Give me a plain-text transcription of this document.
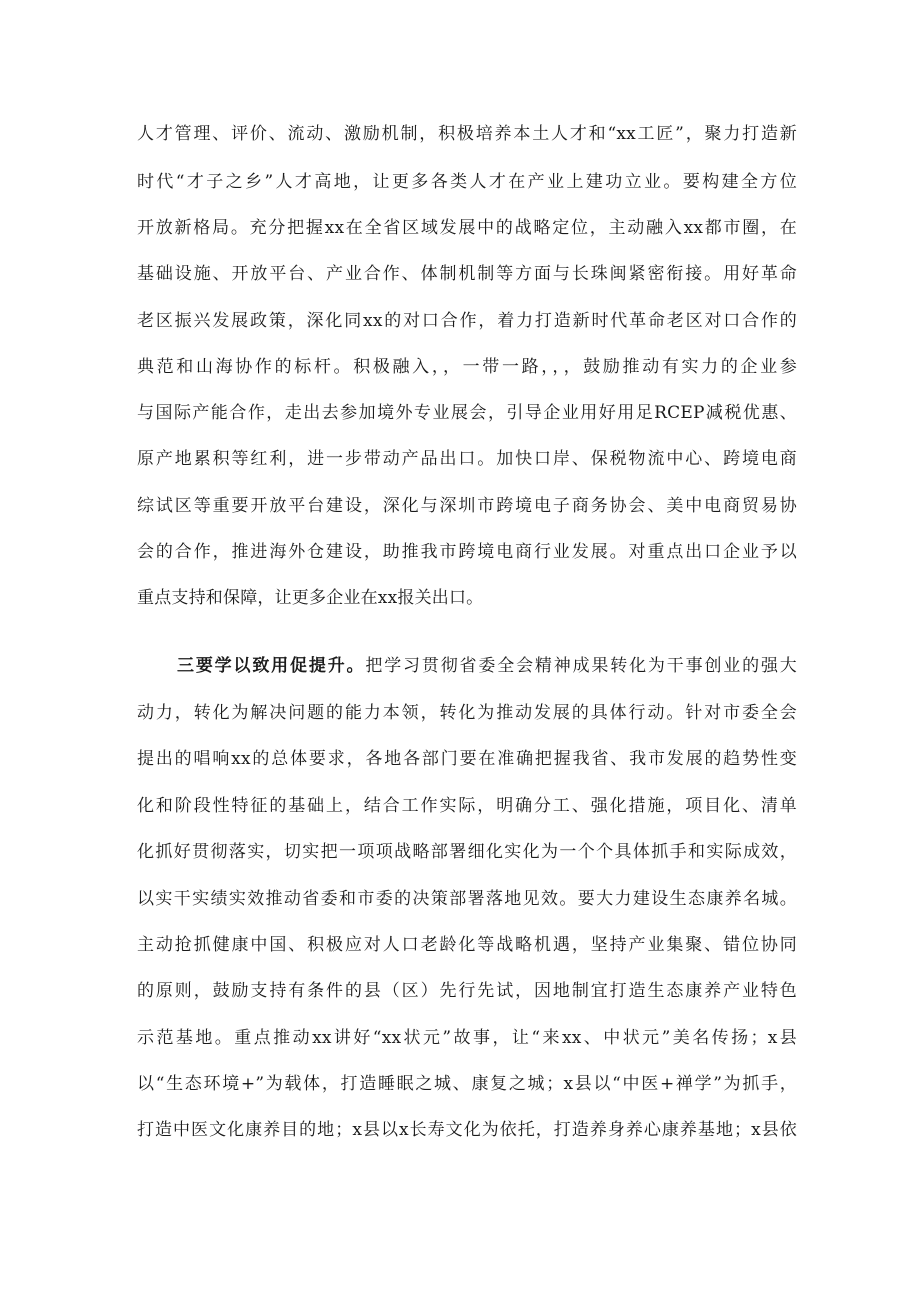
人才管理、评价、流动、激励机制，积极培养本土人才和“xx工匠”，聚力打造新
时代“才子之乡”人才高地，让更多各类人才在产业上建功立业。要构建全方位
开放新格局。充分把握xx在全省区域发展中的战略定位，主动融入xx都市圈，在
基础设施、开放平台、产业合作、体制机制等方面与长珠闽紧密衔接。用好革命
老区振兴发展政策，深化同xx的对口合作，着力打造新时代革命老区对口合作的
典范和山海协作的标杆。积极融入，，一带一路，，，鼓励推动有实力的企业参
与国际产能合作，走出去参加境外专业展会，引导企业用好用足RCEP减税优惠、
原产地累积等红利，进一步带动产品出口。加快口岸、保税物流中心、跨境电商
综试区等重要开放平台建设，深化与深圳市跨境电子商务协会、美中电商贸易协
会的合作，推进海外仓建设，助推我市跨境电商行业发展。对重点出口企业予以
重点支持和保障，让更多企业在xx报关出口。
三要学以致用促提升。把学习贯彻省委全会精神成果转化为干事创业的强大
动力，转化为解决问题的能力本领，转化为推动发展的具体行动。针对市委全会
提出的唱响xx的总体要求，各地各部门要在准确把握我省、我市发展的趋势性变
化和阶段性特征的基础上，结合工作实际，明确分工、强化措施，项目化、清单
化抓好贯彻落实，切实把一项项战略部署细化实化为一个个具体抓手和实际成效，
以实干实绩实效推动省委和市委的决策部署落地见效。要大力建设生态康养名城。
主动抢抓健康中国、积极应对人口老龄化等战略机遇，坚持产业集聚、错位协同
的原则，鼓励支持有条件的县（区）先行先试，因地制宜打造生态康养产业特色
示范基地。重点推动xx讲好“xx状元”故事，让“来xx、中状元”美名传扬；x县
以“生态环境+”为载体，打造睡眠之城、康复之城；x县以“中医+禅学”为抓手，
打造中医文化康养目的地；x县以x长寿文化为依托，打造养身养心康养基地；x县依
